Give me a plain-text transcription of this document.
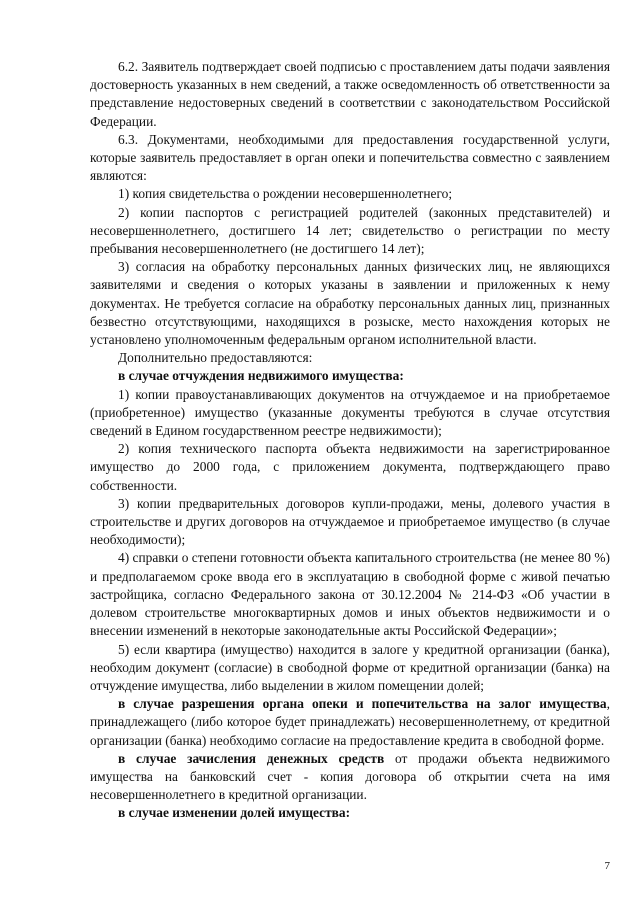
6.2. Заявитель подтверждает своей подписью с проставлением даты подачи заявления достоверность указанных в нем сведений, а также осведомленность об ответственности за представление недостоверных сведений в соответствии с законодательством Российской Федерации.

6.3. Документами, необходимыми для предоставления государственной услуги, которые заявитель предоставляет в орган опеки и попечительства совместно с заявлением являются:

1) копия свидетельства о рождении несовершеннолетнего;

2) копии паспортов с регистрацией родителей (законных представителей) и несовершеннолетнего, достигшего 14 лет; свидетельство о регистрации по месту пребывания несовершеннолетнего (не достигшего 14 лет);

3) согласия на обработку персональных данных физических лиц, не являющихся заявителями и сведения о которых указаны в заявлении и приложенных к нему документах. Не требуется согласие на обработку персональных данных лиц, признанных безвестно отсутствующими, находящихся в розыске, место нахождения которых не установлено уполномоченным федеральным органом исполнительной власти.

Дополнительно предоставляются:

в случае отчуждения недвижимого имущества:

1) копии правоустанавливающих документов на отчуждаемое и на приобретаемое (приобретенное) имущество (указанные документы требуются в случае отсутствия сведений в Едином государственном реестре недвижимости);

2) копия технического паспорта объекта недвижимости на зарегистрированное имущество до 2000 года, с приложением документа, подтверждающего право собственности.

3) копии предварительных договоров купли-продажи, мены, долевого участия в строительстве и других договоров на отчуждаемое и приобретаемое имущество (в случае необходимости);

4) справки о степени готовности объекта капитального строительства (не менее 80 %) и предполагаемом сроке ввода его в эксплуатацию в свободной форме с живой печатью застройщика, согласно Федерального закона от 30.12.2004 № 214-ФЗ «Об участии в долевом строительстве многоквартирных домов и иных объектов недвижимости и о внесении изменений в некоторые законодательные акты Российской Федерации»;

5) если квартира (имущество) находится в залоге у кредитной организации (банка), необходим документ (согласие) в свободной форме от кредитной организации (банка) на отчуждение имущества, либо выделении в жилом помещении долей;

в случае разрешения органа опеки и попечительства на залог имущества, принадлежащего (либо которое будет принадлежать) несовершеннолетнему, от кредитной организации (банка) необходимо согласие на предоставление кредита в свободной форме.

в случае зачисления денежных средств от продажи объекта недвижимого имущества на банковский счет - копия договора об открытии счета на имя несовершеннолетнего в кредитной организации.

в случае изменении долей имущества:

7
